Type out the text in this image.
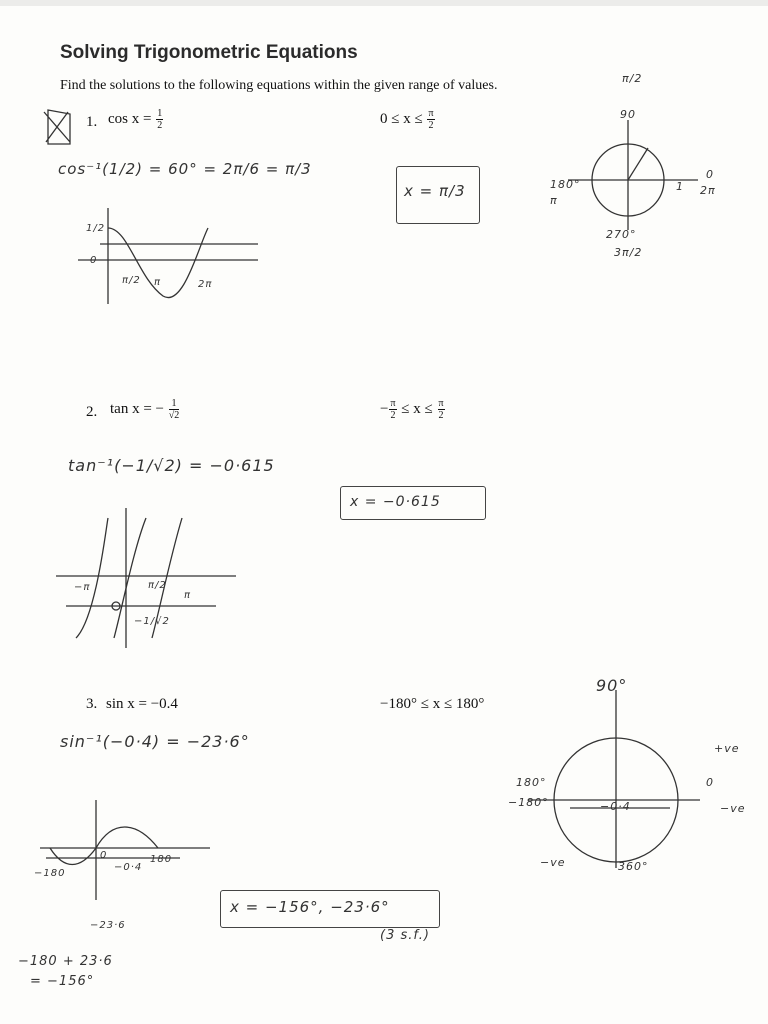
Solving Trigonometric Equations
Find the solutions to the following equations within the given range of values.
1. $\cos x = \frac{1}{2}$	$0 \le x \le \frac{\pi}{2}$
cos⁻¹(1/2) = 60° = 2π/6 = π/3
x = π/3
1/2
0
π/2 π	2π
π/2
90
180°
π
0
1 2π
270°
3π/2
2. tan x = − $\frac{1}{√2}$	− $\frac{\pi}{2} \le x \le \frac{\pi}{2}$
tan⁻¹(−1/√2) = −0·615
x = −0·615
−π	π/2
π
−1/√2
3. sin x = −0.4	−180° ≤ x ≤ 180°
sin⁻¹(−0·4) = −23·6°
0
−0·4
180
−180
−23·6
x = −156°, −23·6°
(3 s.f.)
−180 + 23·6
= −156°
90°
180°
−180°
0
+ve
−ve
−ve
−0·4
360°
